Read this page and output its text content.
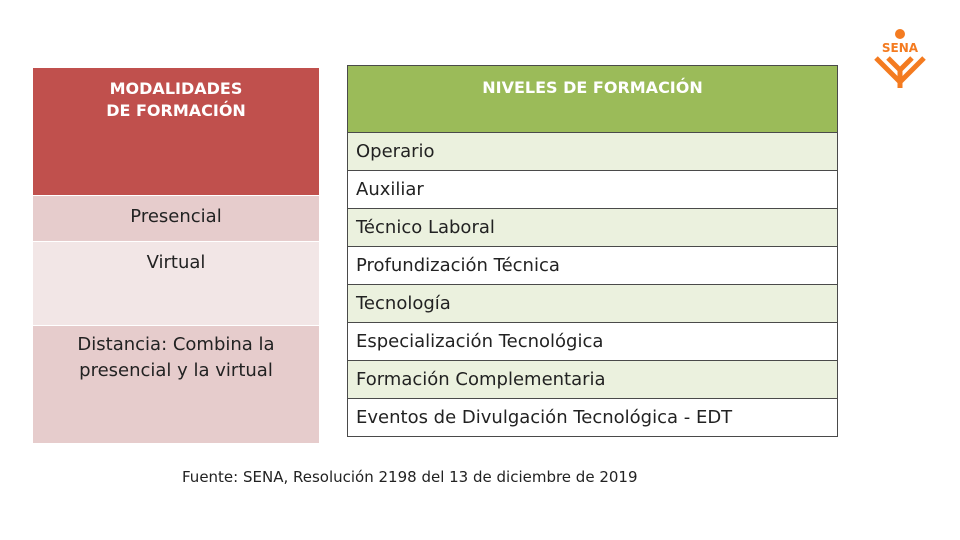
SENA
MODALIDADES
DE FORMACIÓN

Presencial
Virtual
Distancia: Combina la presencial y la virtual
NIVELES DE FORMACIÓN
Operario
Auxiliar
Técnico Laboral
Profundización Técnica
Tecnología
Especialización Tecnológica
Formación Complementaria
Eventos de Divulgación Tecnológica - EDT
Fuente: SENA, Resolución 2198 del 13 de diciembre de 2019
